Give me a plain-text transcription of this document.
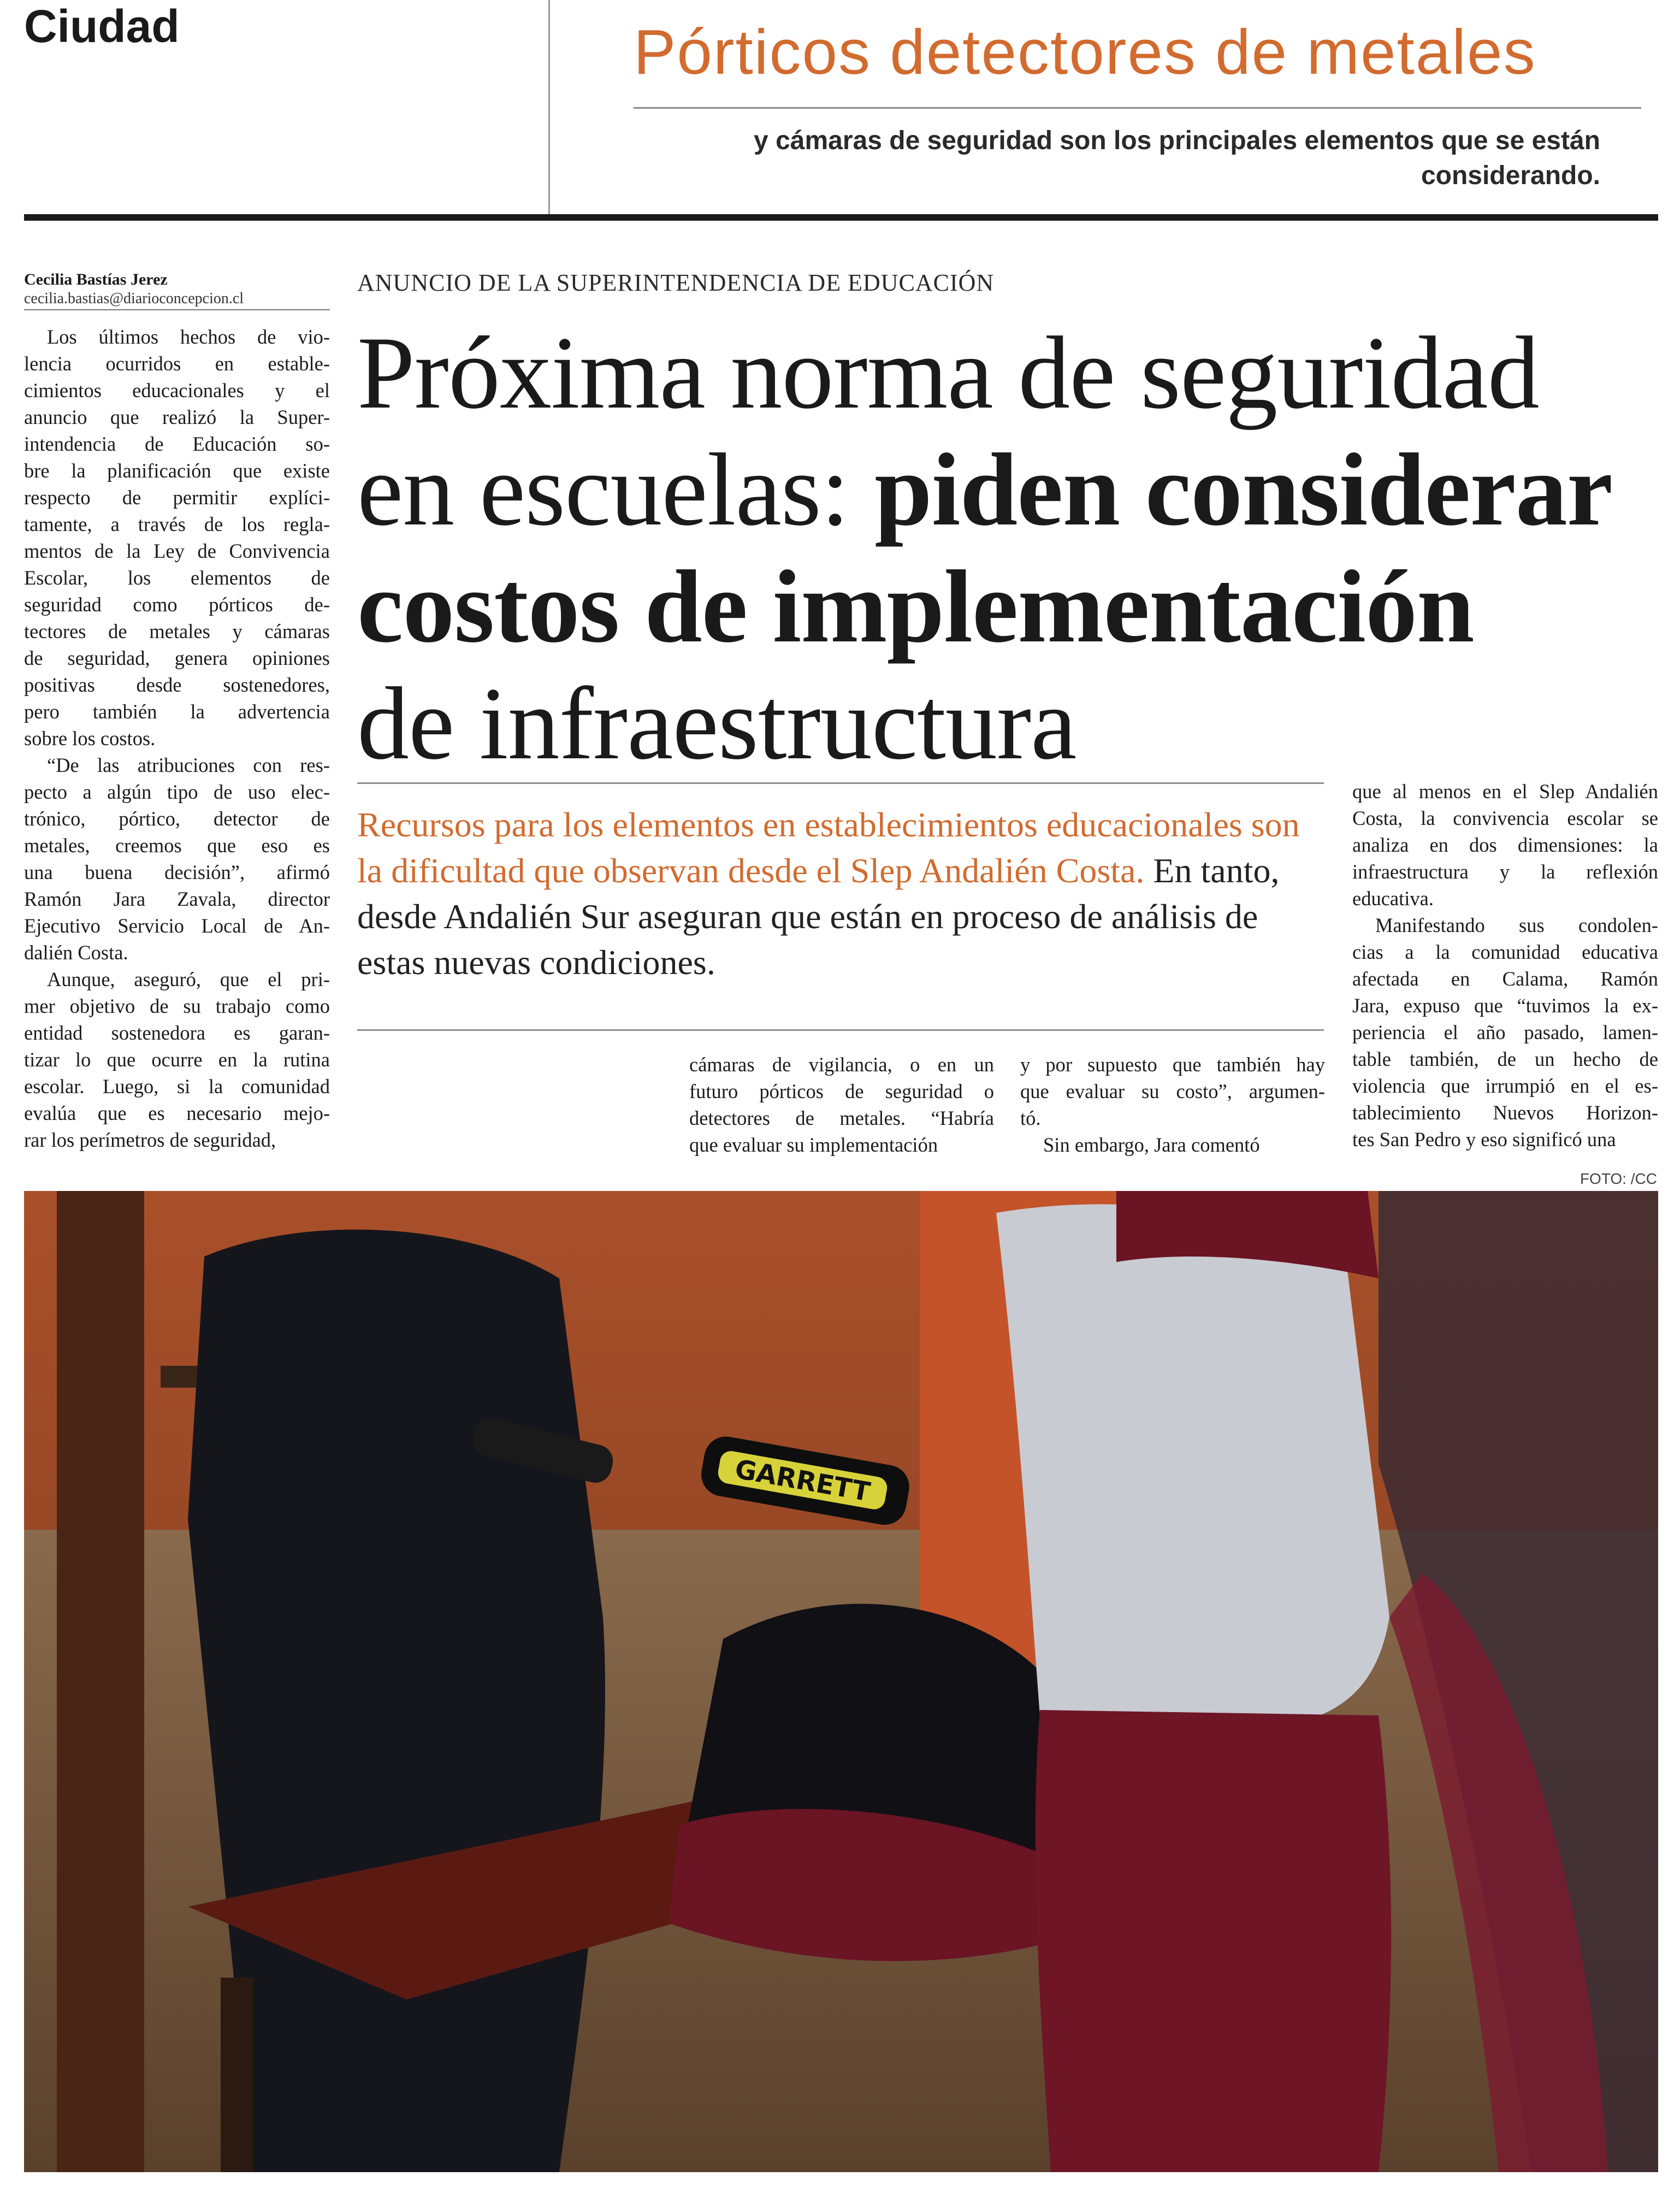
Ciudad	Pórticos detectores de metales
y cámaras de seguridad son los principales elementos que se están considerando.
Cecilia Bastías Jerez
cecilia.bastias@diarioconcepcion.cl
ANUNCIO DE LA SUPERINTENDENCIA DE EDUCACIÓN
Próxima norma de seguridad
en escuelas: piden considerar
costos de implementación
de infraestructura
Recursos para los elementos en establecimientos educacionales son la dificultad que observan desde el Slep Andalién Costa. En tanto, desde Andalién Sur aseguran que están en proceso de análisis de estas nuevas condiciones.

Los últimos hechos de vio-
lencia ocurridos en estable-
cimientos educacionales y el
anuncio que realizó la Super-
intendencia de Educación so-
bre la planificación que existe
respecto de permitir explíci-
tamente, a través de los regla-
mentos de la Ley de Convivencia
Escolar, los elementos de
seguridad como pórticos de-
tectores de metales y cámaras
de seguridad, genera opiniones
positivas desde sostenedores,
pero también la advertencia
sobre los costos.

“De las atribuciones con res-
pecto a algún tipo de uso elec-
trónico, pórtico, detector de
metales, creemos que eso es
una buena decisión”, afirmó
Ramón Jara Zavala, director
Ejecutivo Servicio Local de An-
dalién Costa.

Aunque, aseguró, que el pri-
mer objetivo de su trabajo como
entidad sostenedora es garan-
tizar lo que ocurre en la rutina
escolar. Luego, si la comunidad
evalúa que es necesario mejo-
rar los perímetros de seguridad,

cámaras de vigilancia, o en un
futuro pórticos de seguridad o
detectores de metales. “Habría
que evaluar su implementación

y por supuesto que también hay
que evaluar su costo”, argumen-
tó.

Sin embargo, Jara comentó

que al menos en el Slep Andalién
Costa, la convivencia escolar se
analiza en dos dimensiones: la
infraestructura y la reflexión
educativa.

Manifestando sus condolen-
cias a la comunidad educativa
afectada en Calama, Ramón
Jara, expuso que “tuvimos la ex-
periencia el año pasado, lamen-
table también, de un hecho de
violencia que irrumpió en el es-
tablecimiento Nuevos Horizon-
tes San Pedro y eso significó una

FOTO: /CC
GARRETT
